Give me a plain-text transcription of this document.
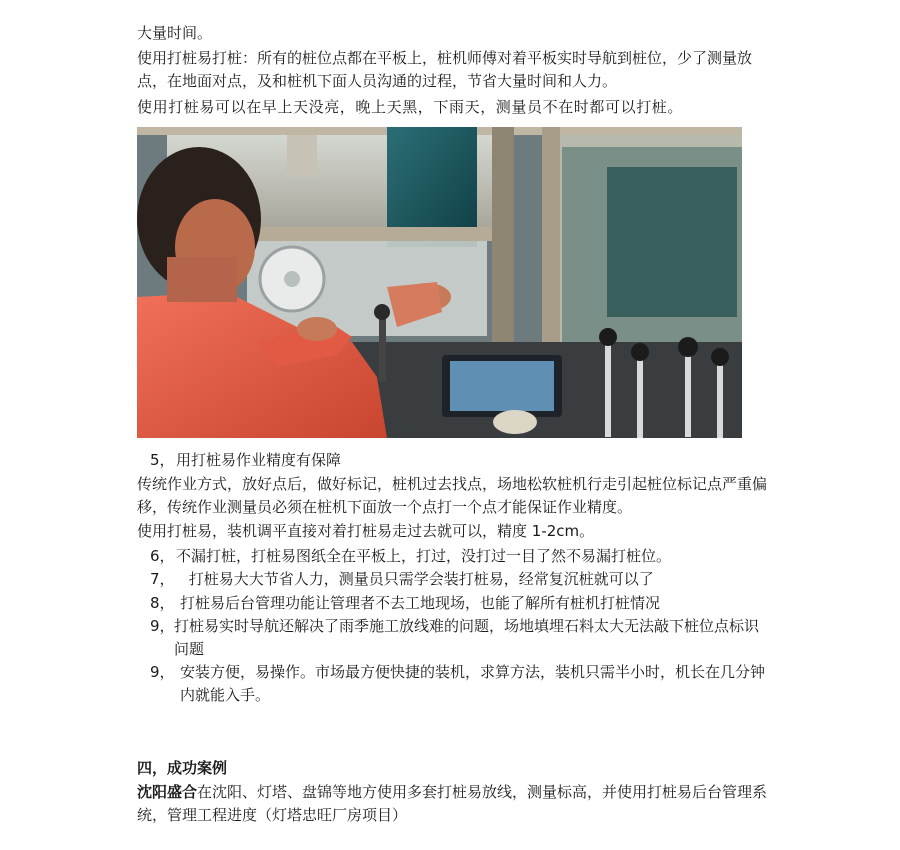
大量时间。
使用打桩易打桩：所有的桩位点都在平板上，桩机师傅对着平板实时导航到桩位，少了测量放点，在地面对点，及和桩机下面人员沟通的过程，节省大量时间和人力。
使用打桩易可以在早上天没亮，晚上天黑，下雨天，测量员不在时都可以打桩。
5，用打桩易作业精度有保障
传统作业方式，放好点后，做好标记，桩机过去找点，场地松软桩机行走引起桩位标记点严重偏移，传统作业测量员必须在桩机下面放一个点打一个点才能保证作业精度。
使用打桩易，装机调平直接对着打桩易走过去就可以，精度 1-2cm。
6，不漏打桩，打桩易图纸全在平板上，打过，没打过一目了然不易漏打桩位。
7， 打桩易大大节省人力，测量员只需学会装打桩易，经常复沉桩就可以了
8， 打桩易后台管理功能让管理者不去工地现场，也能了解所有桩机打桩情况
9，打桩易实时导航还解决了雨季施工放线难的问题，场地填埋石料太大无法敲下桩位点标识问题
9， 安装方便，易操作。市场最方便快捷的装机，求算方法，装机只需半小时，机长在几分钟内就能入手。
四，成功案例
沈阳盛合在沈阳、灯塔、盘锦等地方使用多套打桩易放线，测量标高，并使用打桩易后台管理系统，管理工程进度（灯塔忠旺厂房项目）
